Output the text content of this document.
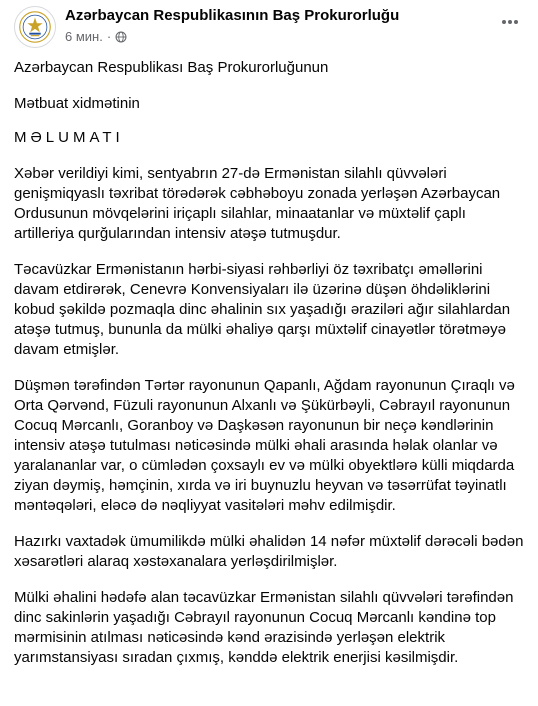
Azərbaycan Respublikasının Baş Prokurorluğu
6 мин. ·

Azərbaycan Respublikası Baş Prokurorluğunun

Mətbuat xidmətinin

MƏLUMATI

Xəbər verildiyi kimi, sentyabrın 27-də Ermənistan silahlı qüvvələri genişmiqyaslı təxribat törədərək cəbhəboyu zonada yerləşən Azərbaycan Ordusunun mövqelərini iriçaplı silahlar, minaatanlar və müxtəlif çaplı artilleriya qurğularından intensiv atəşə tutmuşdur.

Təcavüzkar Ermənistanın hərbi-siyasi rəhbərliyi öz təxribatçı əməllərini davam etdirərək, Cenevrə Konvensiyaları ilə üzərinə düşən öhdəliklərini kobud şəkildə pozmaqla dinc əhalinin sıx yaşadığı əraziləri ağır silahlardan atəşə tutmuş, bununla da mülki əhaliyə qarşı müxtəlif cinayətlər törətməyə davam etmişlər.

Düşmən tərəfindən Tərtər rayonunun Qapanlı, Ağdam rayonunun Çıraqlı və Orta Qərvənd, Füzuli rayonunun Alxanlı və Şükürbəyli, Cəbrayıl rayonunun Cocuq Mərcanlı, Goranboy və Daşkəsən rayonunun bir neçə kəndlərinin intensiv atəşə tutulması nəticəsində mülki əhali arasında həlak olanlar və yaralananlar var, o cümlədən çoxsaylı ev və mülki obyektlərə külli miqdarda ziyan dəymiş, həmçinin, xırda və iri buynuzlu heyvan və təsərrüfat təyinatlı məntəqələri, eləcə də nəqliyyat vasitələri məhv edilmişdir.

Hazırkı vaxtadək ümumilikdə mülki əhalidən 14 nəfər müxtəlif dərəcəli bədən xəsarətləri alaraq xəstəxanalara yerləşdirilmişlər.

Mülki əhalini hədəfə alan təcavüzkar Ermənistan silahlı qüvvələri tərəfindən dinc sakinlərin yaşadığı Cəbrayıl rayonunun Cocuq Mərcanlı kəndinə top mərmisinin atılması nəticəsində kənd ərazisində yerləşən elektrik yarımstansiyası sıradan çıxmış, kənddə elektrik enerjisi kəsilmişdir.
